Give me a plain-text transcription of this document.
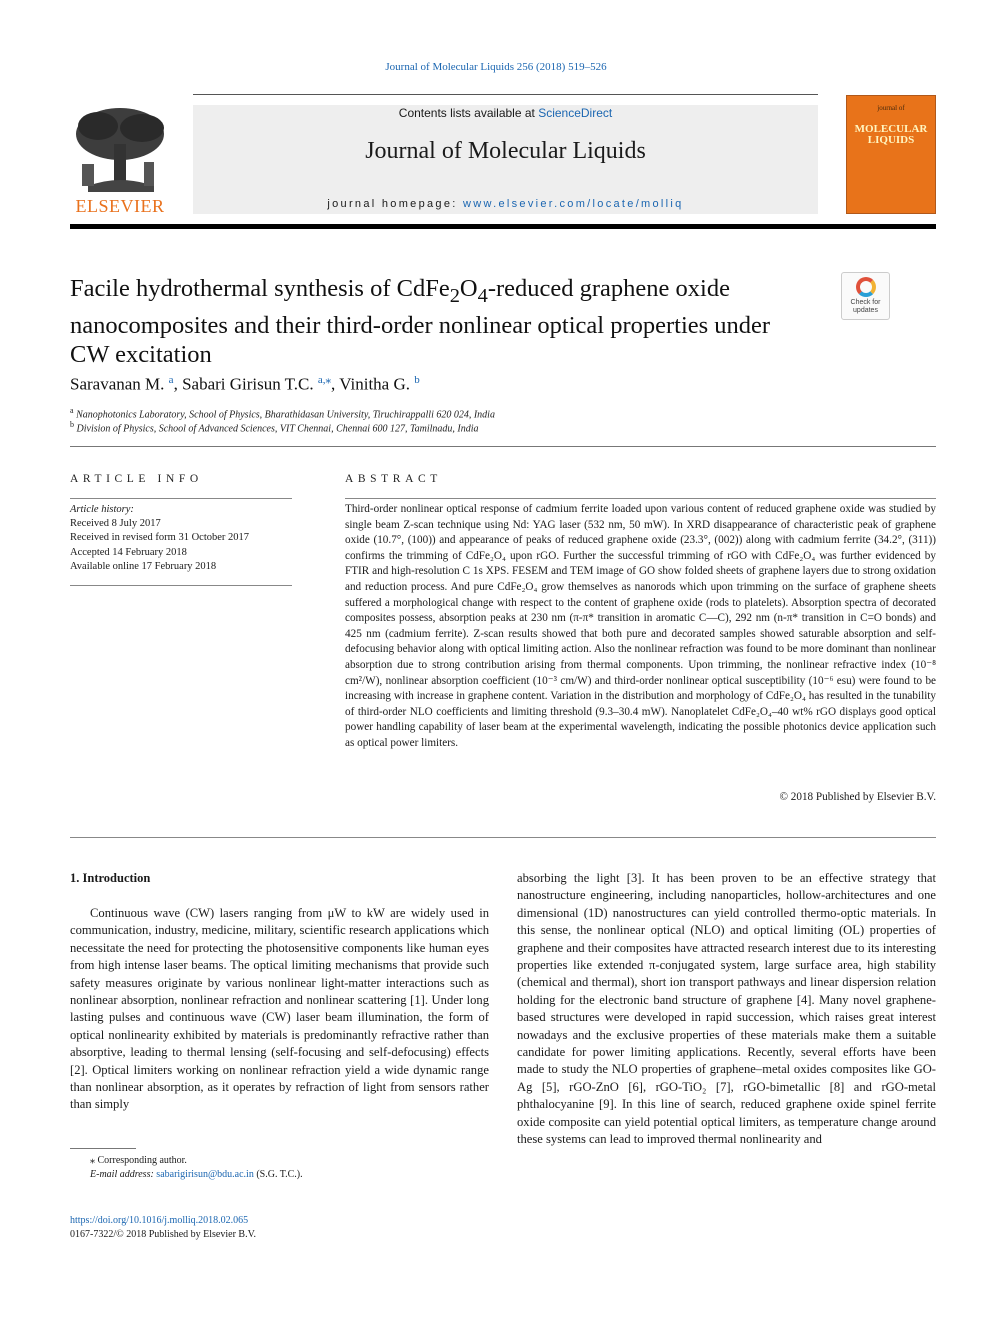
Journal of Molecular Liquids 256 (2018) 519–526
ELSEVIER
Contents lists available at ScienceDirect
Journal of Molecular Liquids
journal homepage: www.elsevier.com/locate/molliq
journal of
MOLECULAR LIQUIDS
Facile hydrothermal synthesis of $CdFe_2O_4$-reduced graphene oxide nanocomposites and their third-order nonlinear optical properties under CW excitation
Check for updates
Saravanan M. $^a$, Sabari Girisun T.C. $^{a,⁎}$, Vinitha G. $^b$
$^a$ Nanophotonics Laboratory, School of Physics, Bharathidasan University, Tiruchirappalli 620 024, India
$^b$ Division of Physics, School of Advanced Sciences, VIT Chennai, Chennai 600 127, Tamilnadu, India
ARTICLE INFO
Article history:
Received 8 July 2017
Received in revised form 31 October 2017
Accepted 14 February 2018
Available online 17 February 2018
ABSTRACT
Third-order nonlinear optical response of cadmium ferrite loaded upon various content of reduced graphene oxide was studied by single beam Z-scan technique using Nd: YAG laser (532 nm, 50 mW). In XRD disappearance of characteristic peak of graphene oxide (10.7°, (100)) and appearance of peaks of reduced graphene oxide (23.3°, (002)) along with cadmium ferrite (34.2°, (311)) confirms the trimming of CdFe₂O₄ upon rGO. Further the successful trimming of rGO with CdFe₂O₄ was further evidenced by FTIR and high-resolution C 1s XPS. FESEM and TEM image of GO show folded sheets of graphene layers due to strong oxidation and reduction process. And pure CdFe₂O₄ grow themselves as nanorods which upon trimming on the surface of graphene sheets suffered a morphological change with respect to the content of graphene oxide (rods to platelets). Absorption spectra of decorated composites possess, absorption peaks at 230 nm (π-π* transition in aromatic C—C), 292 nm (n-π* transition in C=O bonds) and 425 nm (cadmium ferrite). Z-scan results showed that both pure and decorated samples showed saturable absorption and self-defocusing behavior along with optical limiting action. Also the nonlinear refraction was found to be more dominant than nonlinear absorption due to strong contribution arising from thermal components. Upon trimming, the nonlinear refractive index (10⁻⁸ cm²/W), nonlinear absorption coefficient (10⁻³ cm/W) and third-order nonlinear optical susceptibility (10⁻⁶ esu) were found to be increasing with increase in graphene content. Variation in the distribution and morphology of CdFe₂O₄ has resulted in the tunability of third-order NLO coefficients and limiting threshold (9.3–30.4 mW). Nanoplatelet CdFe₂O₄–40 wt% rGO displays good optical power handling capability of laser beam at the experimental wavelength, indicating the possible photonics device application such as optical power limiters.
© 2018 Published by Elsevier B.V.
1. Introduction

Continuous wave (CW) lasers ranging from μW to kW are widely used in communication, industry, medicine, military, scientific research applications which necessitate the need for protecting the photosensitive components like human eyes from high intense laser beams. The optical limiting mechanisms that provide such safety measures originate by various nonlinear light-matter interactions such as nonlinear absorption, nonlinear refraction and nonlinear scattering [1]. Under long lasting pulses and continuous wave (CW) laser beam illumination, the form of optical nonlinearity exhibited by materials is predominantly refractive rather than absorptive, leading to thermal lensing (self-focusing and self-defocusing) effects [2]. Optical limiters working on nonlinear refraction yield a wide dynamic range than nonlinear absorption, as it operates by refraction of light from sensors rather than simply

absorbing the light [3]. It has been proven to be an effective strategy that nanostructure engineering, including nanoparticles, hollow-architectures and one dimensional (1D) nanostructures can yield controlled thermo-optic materials. In this sense, the nonlinear optical (NLO) and optical limiting (OL) properties of graphene and their composites have attracted research interest due to its interesting properties like extended π-conjugated system, large surface area, high stability (chemical and thermal), short ion transport pathways and linear dispersion relation holding for the electronic band structure of graphene [4]. Many novel graphene-based structures were developed in rapid succession, which raises great interest nowadays and the exclusive properties of these materials make them a suitable candidate for power limiting applications. Recently, several efforts have been made to study the NLO properties of graphene–metal oxides composites like GO-Ag [5], rGO-ZnO [6], rGO-TiO₂ [7], rGO-bimetallic [8] and rGO-metal phthalocyanine [9]. In this line of search, reduced graphene oxide spinel ferrite oxide composite can yield potential optical limiters, as temperature change around these systems can lead to improved thermal nonlinearity and

⁎ Corresponding author.
E-mail address: sabarigirisun@bdu.ac.in (S.G. T.C.).
https://doi.org/10.1016/j.molliq.2018.02.065
0167-7322/© 2018 Published by Elsevier B.V.
